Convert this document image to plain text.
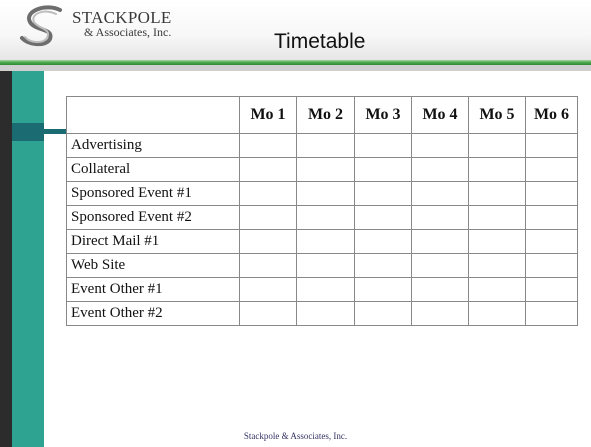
STACKPOLE
& Associates, Inc.	Timetable
	Mo 1	Mo 2	Mo 3	Mo 4	Mo 5	Mo 6
Advertising						
Collateral						
Sponsored Event #1						
Sponsored Event #2						
Direct Mail #1						
Web Site						
Event Other #1						
Event Other #2						
Stackpole & Associates, Inc.
